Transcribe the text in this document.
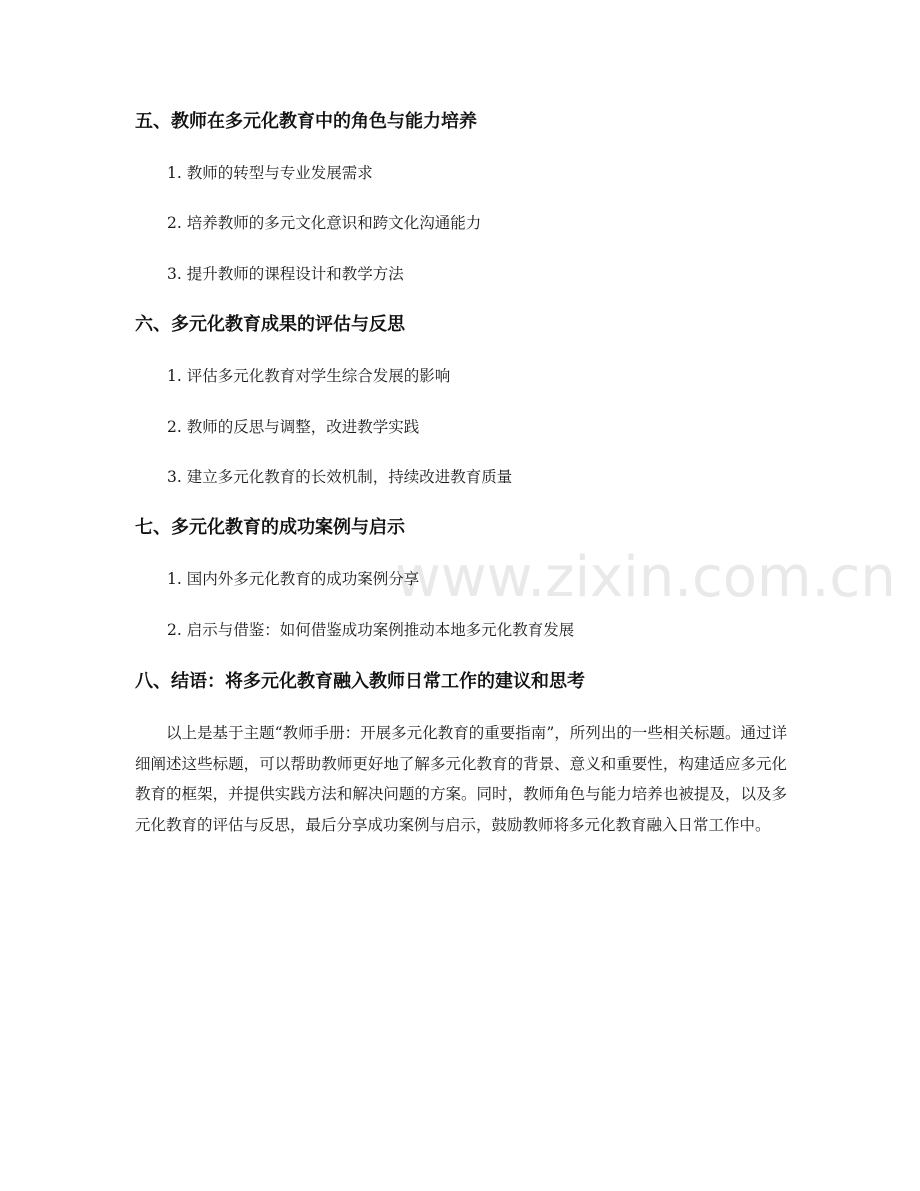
www.zixin.com.cn
五、教师在多元化教育中的角色与能力培养
1. 教师的转型与专业发展需求
2. 培养教师的多元文化意识和跨文化沟通能力
3. 提升教师的课程设计和教学方法
六、多元化教育成果的评估与反思
1. 评估多元化教育对学生综合发展的影响
2. 教师的反思与调整，改进教学实践
3. 建立多元化教育的长效机制，持续改进教育质量
七、多元化教育的成功案例与启示
1. 国内外多元化教育的成功案例分享
2. 启示与借鉴：如何借鉴成功案例推动本地多元化教育发展
八、结语：将多元化教育融入教师日常工作的建议和思考
以上是基于主题“教师手册：开展多元化教育的重要指南”，所列出的一些相关标题。通过详细阐述这些标题，可以帮助教师更好地了解多元化教育的背景、意义和重要性，构建适应多元化教育的框架，并提供实践方法和解决问题的方案。同时，教师角色与能力培养也被提及，以及多元化教育的评估与反思，最后分享成功案例与启示，鼓励教师将多元化教育融入日常工作中。
